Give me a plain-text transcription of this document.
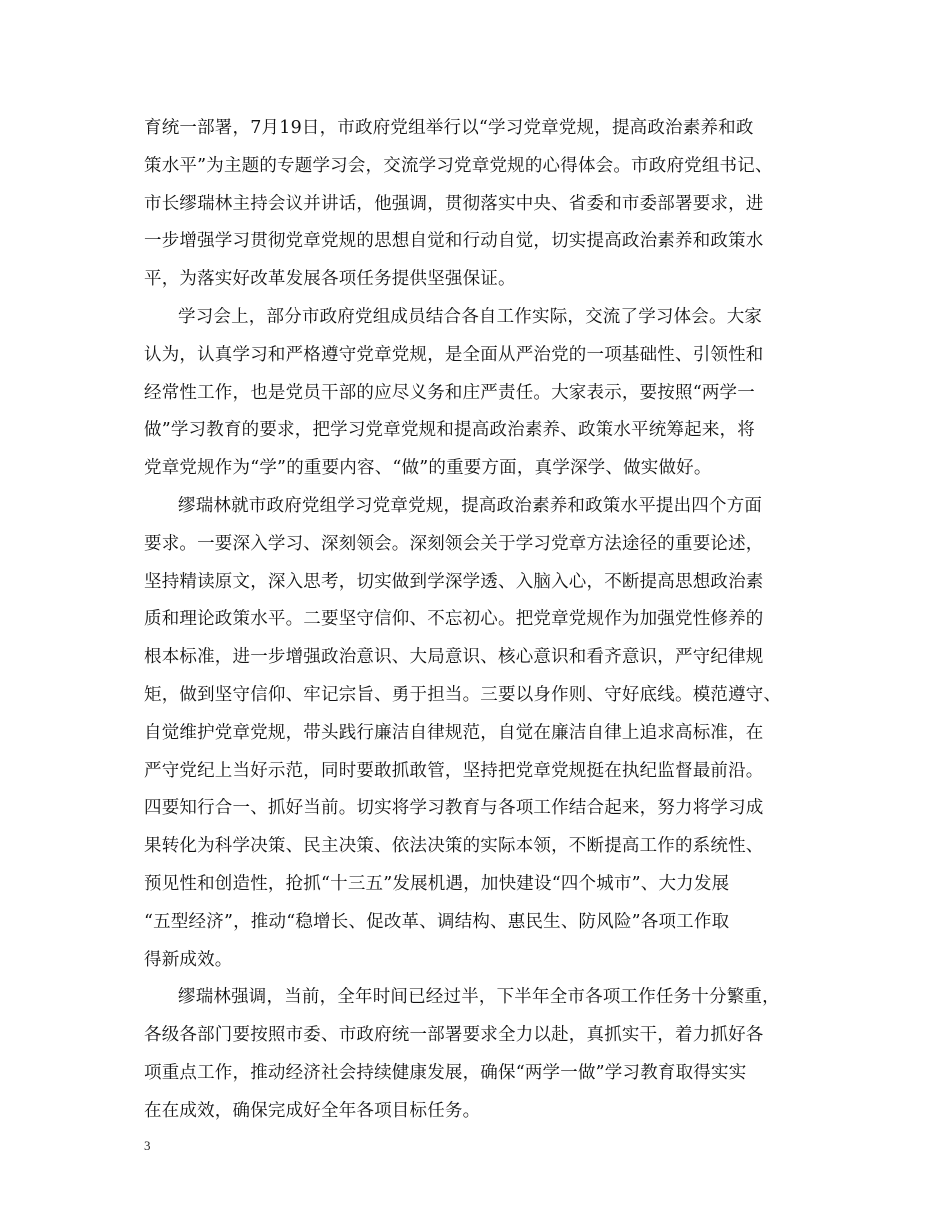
育统一部署，7月19日，市政府党组举行以“学习党章党规，提高政治素养和政
策水平”为主题的专题学习会，交流学习党章党规的心得体会。市政府党组书记、
市长缪瑞林主持会议并讲话，他强调，贯彻落实中央、省委和市委部署要求，进
一步增强学习贯彻党章党规的思想自觉和行动自觉，切实提高政治素养和政策水
平，为落实好改革发展各项任务提供坚强保证。
学习会上，部分市政府党组成员结合各自工作实际，交流了学习体会。大家
认为，认真学习和严格遵守党章党规，是全面从严治党的一项基础性、引领性和
经常性工作，也是党员干部的应尽义务和庄严责任。大家表示，要按照“两学一
做”学习教育的要求，把学习党章党规和提高政治素养、政策水平统筹起来，将
党章党规作为“学”的重要内容、“做”的重要方面，真学深学、做实做好。
缪瑞林就市政府党组学习党章党规，提高政治素养和政策水平提出四个方面
要求。一要深入学习、深刻领会。深刻领会关于学习党章方法途径的重要论述，
坚持精读原文，深入思考，切实做到学深学透、入脑入心，不断提高思想政治素
质和理论政策水平。二要坚守信仰、不忘初心。把党章党规作为加强党性修养的
根本标准，进一步增强政治意识、大局意识、核心意识和看齐意识，严守纪律规
矩，做到坚守信仰、牢记宗旨、勇于担当。三要以身作则、守好底线。模范遵守、
自觉维护党章党规，带头践行廉洁自律规范，自觉在廉洁自律上追求高标准，在
严守党纪上当好示范，同时要敢抓敢管，坚持把党章党规挺在执纪监督最前沿。
四要知行合一、抓好当前。切实将学习教育与各项工作结合起来，努力将学习成
果转化为科学决策、民主决策、依法决策的实际本领，不断提高工作的系统性、
预见性和创造性，抢抓“十三五”发展机遇，加快建设“四个城市”、大力发展
“五型经济”，推动“稳增长、促改革、调结构、惠民生、防风险”各项工作取
得新成效。
缪瑞林强调，当前，全年时间已经过半，下半年全市各项工作任务十分繁重，
各级各部门要按照市委、市政府统一部署要求全力以赴，真抓实干，着力抓好各
项重点工作，推动经济社会持续健康发展，确保“两学一做”学习教育取得实实
在在成效，确保完成好全年各项目标任务。
3
